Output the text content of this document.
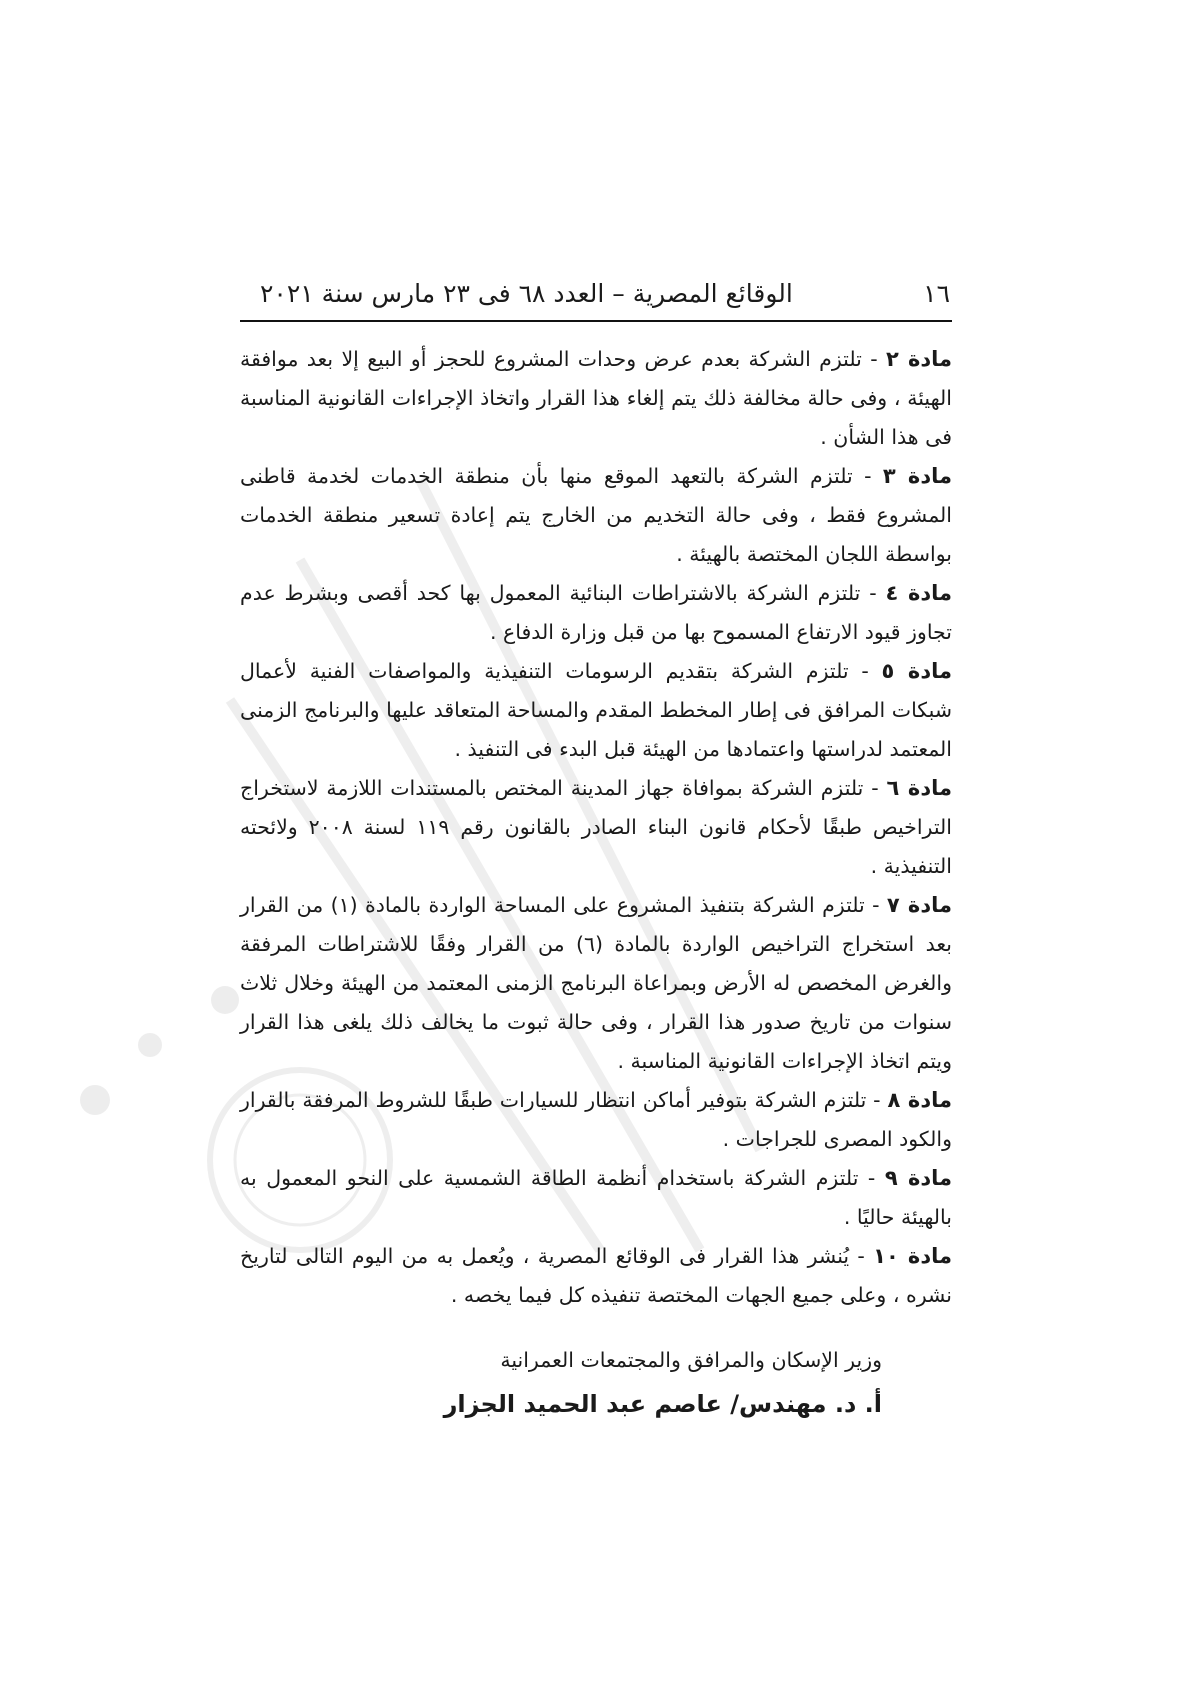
١٦
الوقائع المصرية – العدد ٦٨ فى ٢٣ مارس سنة ٢٠٢١

مادة ٢ - تلتزم الشركة بعدم عرض وحدات المشروع للحجز أو البيع إلا بعد موافقة الهيئة ، وفى حالة مخالفة ذلك يتم إلغاء هذا القرار واتخاذ الإجراءات القانونية المناسبة فى هذا الشأن .

مادة ٣ - تلتزم الشركة بالتعهد الموقع منها بأن منطقة الخدمات لخدمة قاطنى المشروع فقط ، وفى حالة التخديم من الخارج يتم إعادة تسعير منطقة الخدمات بواسطة اللجان المختصة بالهيئة .

مادة ٤ - تلتزم الشركة بالاشتراطات البنائية المعمول بها كحد أقصى وبشرط عدم تجاوز قيود الارتفاع المسموح بها من قبل وزارة الدفاع .

مادة ٥ - تلتزم الشركة بتقديم الرسومات التنفيذية والمواصفات الفنية لأعمال شبكات المرافق فى إطار المخطط المقدم والمساحة المتعاقد عليها والبرنامج الزمنى المعتمد لدراستها واعتمادها من الهيئة قبل البدء فى التنفيذ .

مادة ٦ - تلتزم الشركة بموافاة جهاز المدينة المختص بالمستندات اللازمة لاستخراج التراخيص طبقًا لأحكام قانون البناء الصادر بالقانون رقم ١١٩ لسنة ٢٠٠٨ ولائحته التنفيذية .

مادة ٧ - تلتزم الشركة بتنفيذ المشروع على المساحة الواردة بالمادة (١) من القرار بعد استخراج التراخيص الواردة بالمادة (٦) من القرار وفقًا للاشتراطات المرفقة والغرض المخصص له الأرض وبمراعاة البرنامج الزمنى المعتمد من الهيئة وخلال ثلاث سنوات من تاريخ صدور هذا القرار ، وفى حالة ثبوت ما يخالف ذلك يلغى هذا القرار ويتم اتخاذ الإجراءات القانونية المناسبة .

مادة ٨ - تلتزم الشركة بتوفير أماكن انتظار للسيارات طبقًا للشروط المرفقة بالقرار والكود المصرى للجراجات .

مادة ٩ - تلتزم الشركة باستخدام أنظمة الطاقة الشمسية على النحو المعمول به بالهيئة حاليًا .

مادة ١٠ - يُنشر هذا القرار فى الوقائع المصرية ، ويُعمل به من اليوم التالى لتاريخ نشره ، وعلى جميع الجهات المختصة تنفيذه كل فيما يخصه .

وزير الإسكان والمرافق والمجتمعات العمرانية
أ. د. مهندس/ عاصم عبد الحميد الجزار
